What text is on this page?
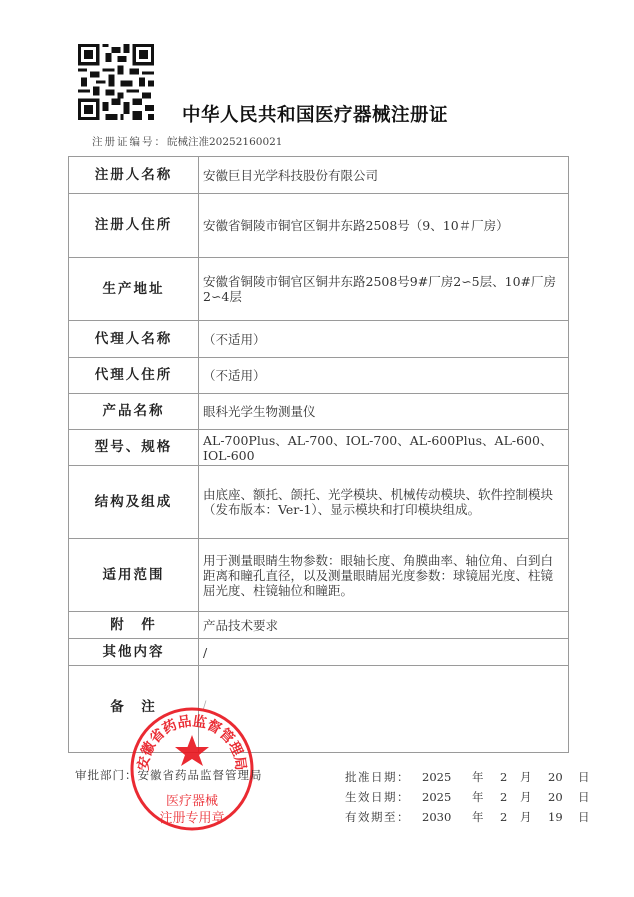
中华人民共和国医疗器械注册证
注册证编号：皖械注准20252160021
注册人名称	安徽巨目光学科技股份有限公司
注册人住所	安徽省铜陵市铜官区铜井东路2508号（9、10＃厂房）
生产地址	安徽省铜陵市铜官区铜井东路2508号9#厂房2∽5层、10#厂房2∽4层
代理人名称	（不适用）
代理人住所	（不适用）
产品名称	眼科光学生物测量仪
型号、规格	AL-700Plus、AL-700、IOL-700、AL-600Plus、AL-600、IOL-600
结构及组成	由底座、额托、颌托、光学模块、机械传动模块、软件控制模块（发布版本：Ver-1）、显示模块和打印模块组成。
适用范围	用于测量眼睛生物参数：眼轴长度、角膜曲率、轴位角、白到白距离和瞳孔直径，以及测量眼睛屈光度参数：球镜屈光度、柱镜屈光度、柱镜轴位和瞳距。
附　件	产品技术要求
其他内容	/
备　注	/
审批部门：安徽省药品监督管理局	批准日期：	2025	年	2	月	20	日
生效日期：	2025	年	2	月	20	日
有效期至：	2030	年	2	月	19	日
安徽省药品监督管理局
医疗器械
注册专用章
